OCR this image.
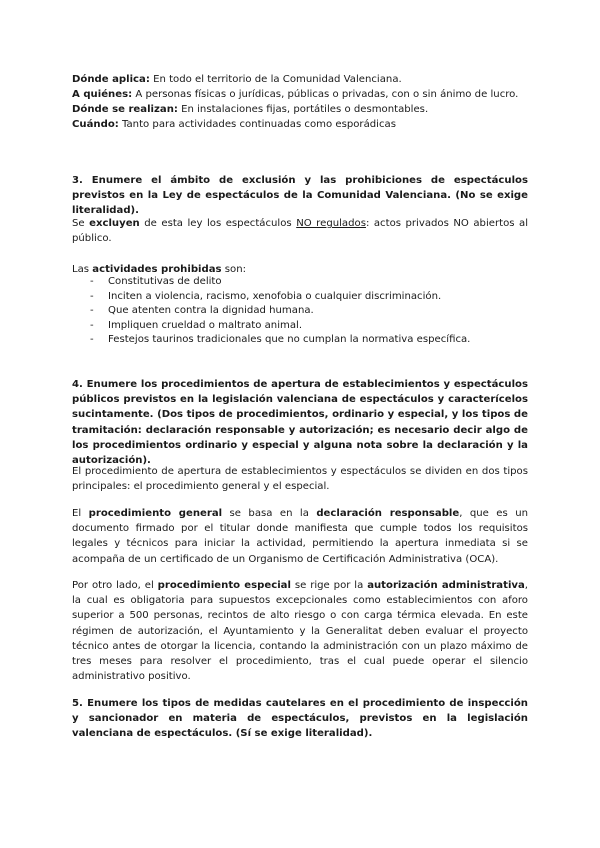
Dónde aplica: En todo el territorio de la Comunidad Valenciana.

A quiénes: A personas físicas o jurídicas, públicas o privadas, con o sin ánimo de lucro.

Dónde se realizan: En instalaciones fijas, portátiles o desmontables.

Cuándo: Tanto para actividades continuadas como esporádicas

3. Enumere el ámbito de exclusión y las prohibiciones de espectáculos previstos en la Ley de espectáculos de la Comunidad Valenciana. (No se exige literalidad).

Se excluyen de esta ley los espectáculos NO regulados: actos privados NO abiertos al público.

Las actividades prohibidas son:

- Constitutivas de delito
- Inciten a violencia, racismo, xenofobia o cualquier discriminación.
- Que atenten contra la dignidad humana.
- Impliquen crueldad o maltrato animal.
- Festejos taurinos tradicionales que no cumplan la normativa específica.

4. Enumere los procedimientos de apertura de establecimientos y espectáculos públicos previstos en la legislación valenciana de espectáculos y caracterícelos sucintamente. (Dos tipos de procedimientos, ordinario y especial, y los tipos de tramitación: declaración responsable y autorización; es necesario decir algo de los procedimientos ordinario y especial y alguna nota sobre la declaración y la autorización).

El procedimiento de apertura de establecimientos y espectáculos se dividen en dos tipos principales: el procedimiento general y el especial.

El procedimiento general se basa en la declaración responsable, que es un documento firmado por el titular donde manifiesta que cumple todos los requisitos legales y técnicos para iniciar la actividad, permitiendo la apertura inmediata si se acompaña de un certificado de un Organismo de Certificación Administrativa (OCA).

Por otro lado, el procedimiento especial se rige por la autorización administrativa, la cual es obligatoria para supuestos excepcionales como establecimientos con aforo superior a 500 personas, recintos de alto riesgo o con carga térmica elevada. En este régimen de autorización, el Ayuntamiento y la Generalitat deben evaluar el proyecto técnico antes de otorgar la licencia, contando la administración con un plazo máximo de tres meses para resolver el procedimiento, tras el cual puede operar el silencio administrativo positivo.

5. Enumere los tipos de medidas cautelares en el procedimiento de inspección y sancionador en materia de espectáculos, previstos en la legislación valenciana de espectáculos. (Sí se exige literalidad).
